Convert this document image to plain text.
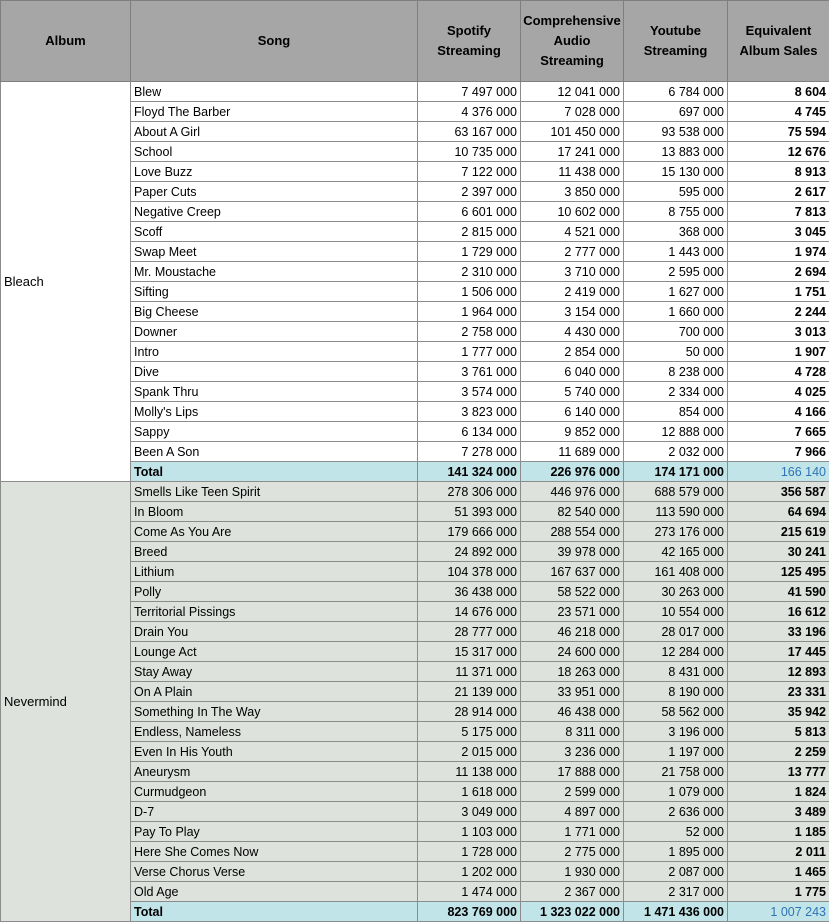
Album	Song	Spotify Streaming	Comprehensive Audio Streaming	Youtube Streaming	Equivalent Album Sales
Bleach	Blew	7 497 000	12 041 000	6 784 000	8 604
	Floyd The Barber	4 376 000	7 028 000	697 000	4 745
	About A Girl	63 167 000	101 450 000	93 538 000	75 594
	School	10 735 000	17 241 000	13 883 000	12 676
	Love Buzz	7 122 000	11 438 000	15 130 000	8 913
	Paper Cuts	2 397 000	3 850 000	595 000	2 617
	Negative Creep	6 601 000	10 602 000	8 755 000	7 813
	Scoff	2 815 000	4 521 000	368 000	3 045
	Swap Meet	1 729 000	2 777 000	1 443 000	1 974
	Mr. Moustache	2 310 000	3 710 000	2 595 000	2 694
	Sifting	1 506 000	2 419 000	1 627 000	1 751
	Big Cheese	1 964 000	3 154 000	1 660 000	2 244
	Downer	2 758 000	4 430 000	700 000	3 013
	Intro	1 777 000	2 854 000	50 000	1 907
	Dive	3 761 000	6 040 000	8 238 000	4 728
	Spank Thru	3 574 000	5 740 000	2 334 000	4 025
	Molly's Lips	3 823 000	6 140 000	854 000	4 166
	Sappy	6 134 000	9 852 000	12 888 000	7 665
	Been A Son	7 278 000	11 689 000	2 032 000	7 966
	Total	141 324 000	226 976 000	174 171 000	166 140
Nevermind	Smells Like Teen Spirit	278 306 000	446 976 000	688 579 000	356 587
	In Bloom	51 393 000	82 540 000	113 590 000	64 694
	Come As You Are	179 666 000	288 554 000	273 176 000	215 619
	Breed	24 892 000	39 978 000	42 165 000	30 241
	Lithium	104 378 000	167 637 000	161 408 000	125 495
	Polly	36 438 000	58 522 000	30 263 000	41 590
	Territorial Pissings	14 676 000	23 571 000	10 554 000	16 612
	Drain You	28 777 000	46 218 000	28 017 000	33 196
	Lounge Act	15 317 000	24 600 000	12 284 000	17 445
	Stay Away	11 371 000	18 263 000	8 431 000	12 893
	On A Plain	21 139 000	33 951 000	8 190 000	23 331
	Something In The Way	28 914 000	46 438 000	58 562 000	35 942
	Endless, Nameless	5 175 000	8 311 000	3 196 000	5 813
	Even In His Youth	2 015 000	3 236 000	1 197 000	2 259
	Aneurysm	11 138 000	17 888 000	21 758 000	13 777
	Curmudgeon	1 618 000	2 599 000	1 079 000	1 824
	D-7	3 049 000	4 897 000	2 636 000	3 489
	Pay To Play	1 103 000	1 771 000	52 000	1 185
	Here She Comes Now	1 728 000	2 775 000	1 895 000	2 011
	Verse Chorus Verse	1 202 000	1 930 000	2 087 000	1 465
	Old Age	1 474 000	2 367 000	2 317 000	1 775
	Total	823 769 000	1 323 022 000	1 471 436 000	1 007 243
